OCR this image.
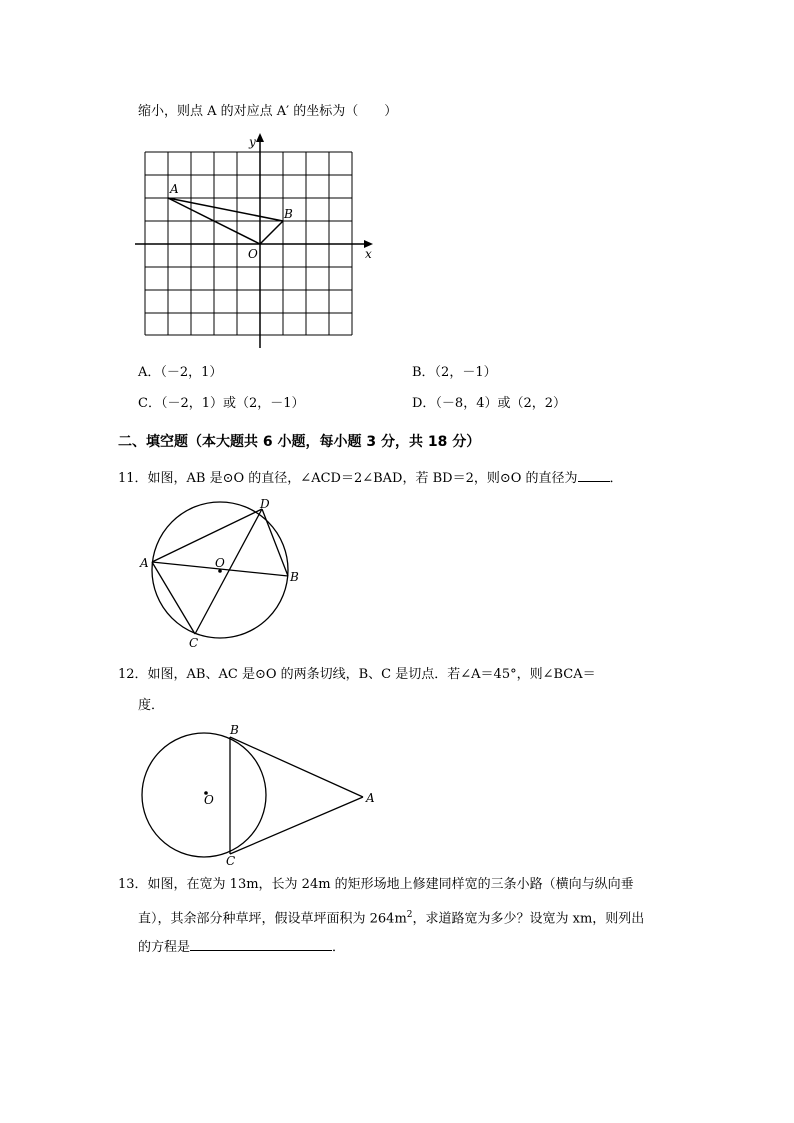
缩小，则点 A 的对应点 A′ 的坐标为（　　）
y
x
A
B
O
A．（－2，1）	B．（2，－1）
C．（－2，1）或（2，－1）	D．（－8，4）或（2，2）
二、填空题（本大题共 6 小题，每小题 3 分，共 18 分）
11．如图，AB 是⊙O 的直径，∠ACD＝2∠BAD，若 BD＝2，则⊙O 的直径为 ．
A
B
C
D
O
12．如图，AB、AC 是⊙O 的两条切线，B、C 是切点．若∠A＝45°，则∠BCA＝
度．
B
C
A
O
13．如图，在宽为 13m，长为 24m 的矩形场地上修建同样宽的三条小路（横向与纵向垂
直），其余部分种草坪，假设草坪面积为 $264m^2$，求道路宽为多少？设宽为 xm，则列出
的方程是	．
